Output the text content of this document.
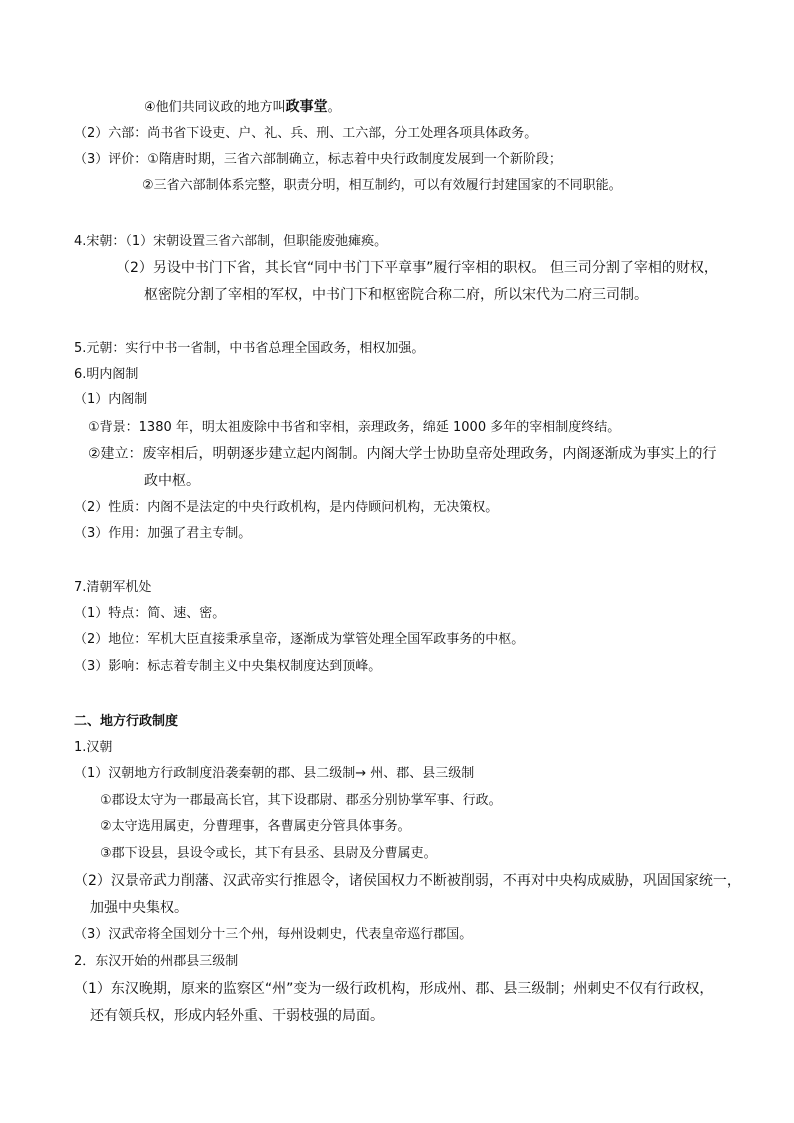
④他们共同议政的地方叫政事堂。
（2）六部：尚书省下设吏、户、礼、兵、刑、工六部，分工处理各项具体政务。
（3）评价：①隋唐时期，三省六部制确立，标志着中央行政制度发展到一个新阶段；
②三省六部制体系完整，职责分明，相互制约，可以有效履行封建国家的不同职能。
4.宋朝：（1）宋朝设置三省六部制，但职能废弛瘫痪。
（2）另设中书门下省，其长官“同中书门下平章事”履行宰相的职权。 但三司分割了宰相的财权，
枢密院分割了宰相的军权，中书门下和枢密院合称二府，所以宋代为二府三司制。
5.元朝：实行中书一省制，中书省总理全国政务，相权加强。
6.明内阁制
（1）内阁制
①背景：1380 年，明太祖废除中书省和宰相，亲理政务，绵延 1000 多年的宰相制度终结。
②建立：废宰相后，明朝逐步建立起内阁制。内阁大学士协助皇帝处理政务，内阁逐渐成为事实上的行
政中枢。
（2）性质：内阁不是法定的中央行政机构，是内侍顾问机构，无决策权。
（3）作用：加强了君主专制。
7.清朝军机处
（1）特点：简、速、密。
（2）地位：军机大臣直接秉承皇帝，逐渐成为掌管处理全国军政事务的中枢。
（3）影响：标志着专制主义中央集权制度达到顶峰。
二、地方行政制度
1.汉朝
（1）汉朝地方行政制度沿袭秦朝的郡、县二级制→ 州、郡、县三级制
①郡设太守为一郡最高长官，其下设郡尉、郡丞分别协掌军事、行政。
②太守选用属吏，分曹理事，各曹属吏分管具体事务。
③郡下设县，县设令或长，其下有县丞、县尉及分曹属吏。
（2）汉景帝武力削藩、汉武帝实行推恩令，诸侯国权力不断被削弱，不再对中央构成威胁，巩固国家统一，
加强中央集权。
（3）汉武帝将全国划分十三个州，每州设刺史，代表皇帝巡行郡国。
2．东汉开始的州郡县三级制
（1）东汉晚期，原来的监察区“州”变为一级行政机构，形成州、郡、县三级制；州刺史不仅有行政权，
还有领兵权，形成内轻外重、干弱枝强的局面。
